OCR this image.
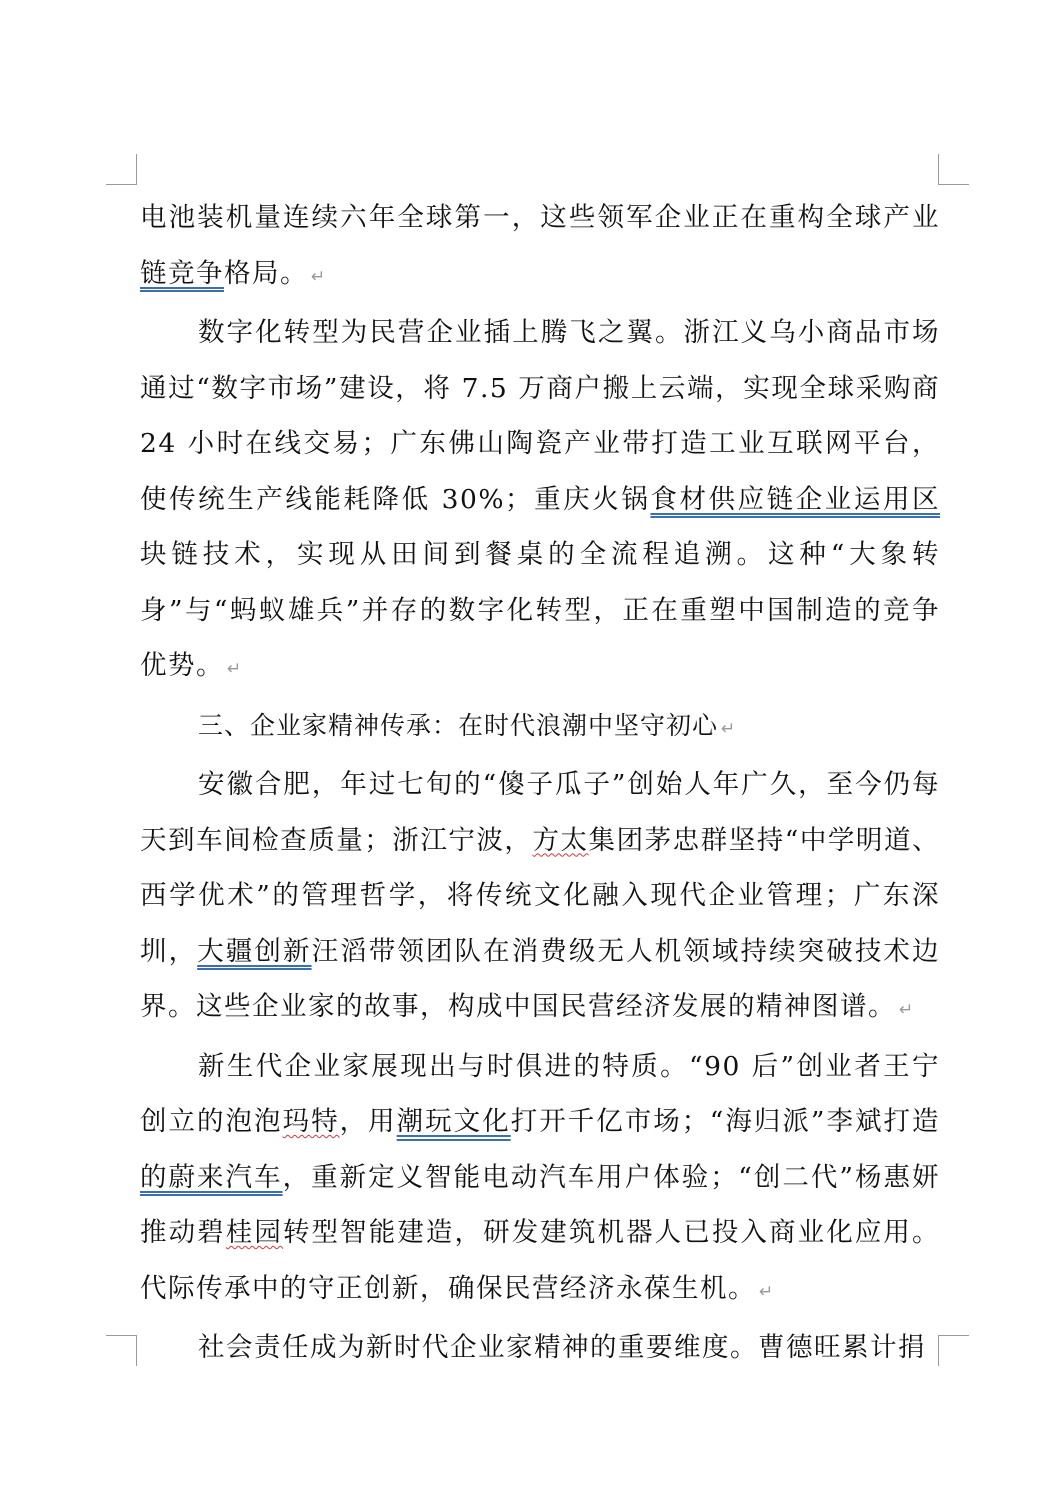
电池装机量连续六年全球第一，这些领军企业正在重构全球产业链竞争格局。 ↵

数字化转型为民营企业插上腾飞之翼。浙江义乌小商品市场通过“数字市场”建设，将 7.5 万商户搬上云端，实现全球采购商 24 小时在线交易；广东佛山陶瓷产业带打造工业互联网平台，使传统生产线能耗降低 30%；重庆火锅食材供应链企业运用区块链技术，实现从田间到餐桌的全流程追溯。这种“大象转身”与“蚂蚁雄兵”并存的数字化转型，正在重塑中国制造的竞争优势。 ↵

三、企业家精神传承：在时代浪潮中坚守初心 ↵

安徽合肥，年过七旬的“傻子瓜子”创始人年广久，至今仍每天到车间检查质量；浙江宁波，方太集团茅忠群坚持“中学明道、西学优术”的管理哲学，将传统文化融入现代企业管理；广东深圳，大疆创新汪滔带领团队在消费级无人机领域持续突破技术边界。这些企业家的故事，构成中国民营经济发展的精神图谱。 ↵

新生代企业家展现出与时俱进的特质。“90 后”创业者王宁创立的泡泡玛特，用潮玩文化打开千亿市场；“海归派”李斌打造的蔚来汽车，重新定义智能电动汽车用户体验；“创二代”杨惠妍推动碧桂园转型智能建造，研发建筑机器人已投入商业化应用。代际传承中的守正创新，确保民营经济永葆生机。 ↵

社会责任成为新时代企业家精神的重要维度。曹德旺累计捐
